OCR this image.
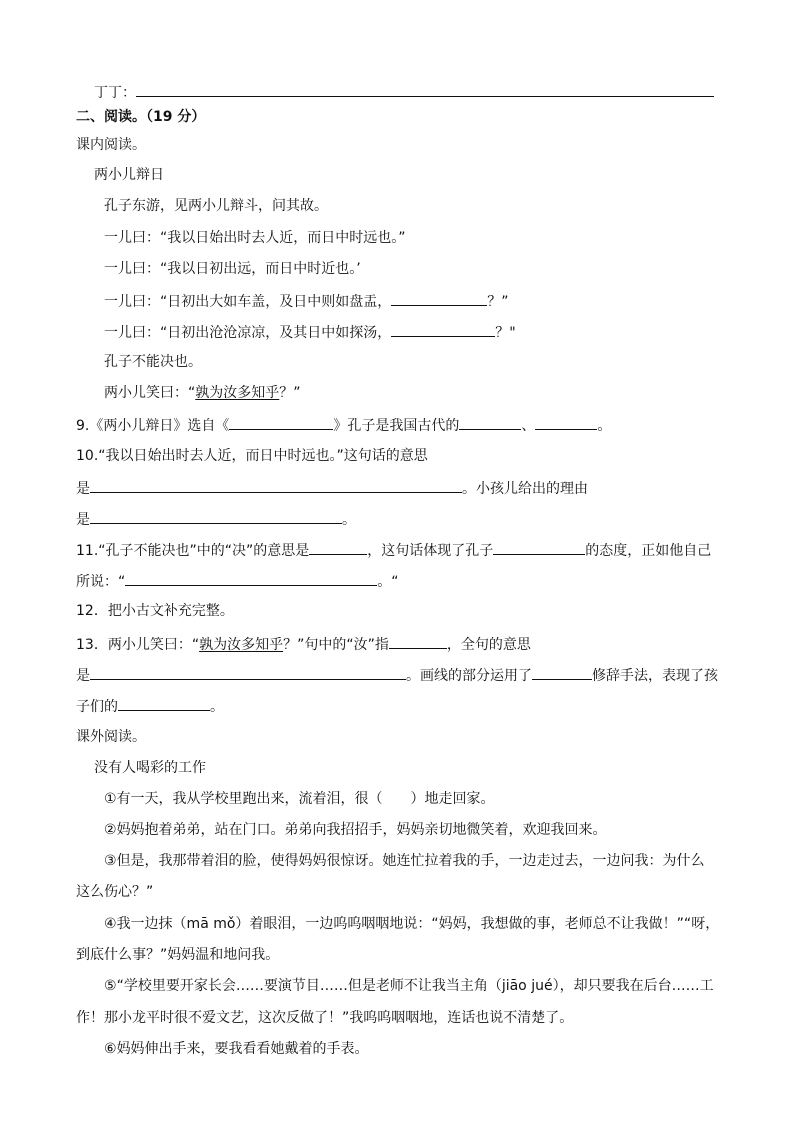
丁丁：
二、阅读。（19 分）
课内阅读。
两小儿辩日
孔子东游，见两小儿辩斗，问其故。
一儿曰：“我以日始出时去人近，而日中时远也。”
一儿曰：“我以日初出远，而日中时近也。’
一儿曰：“日初出大如车盖，及日中则如盘盂，	？”
一儿曰：“日初出沧沧凉凉，及其日中如探汤，	？"
孔子不能决也。
两小儿笑曰：“孰为汝多知乎？”
9.《两小儿辩日》选自《	》孔子是我国古代的	、	。
10.“我以日始出时去人近，而日中时远也。”这句话的意思
是	。小孩儿给出的理由
是	。
11.“孔子不能决也”中的“决”的意思是	，这句话体现了孔子	的态度，正如他自己
所说：“	。“
12．把小古文补充完整。
13．两小儿笑曰：“孰为汝多知乎？”句中的“汝”指	，全句的意思
是	。画线的部分运用了	修辞手法，表现了孩
子们的	。
课外阅读。
没有人喝彩的工作
①有一天，我从学校里跑出来，流着泪，很（　　）地走回家。
②妈妈抱着弟弟，站在门口。弟弟向我招招手，妈妈亲切地微笑着，欢迎我回来。
③但是，我那带着泪的脸，使得妈妈很惊讶。她连忙拉着我的手，一边走过去，一边问我：为什么
这么伤心？”
④我一边抹（mā mǒ）着眼泪，一边呜呜咽咽地说：“妈妈，我想做的事，老师总不让我做！”“呀，
到底什么事？”妈妈温和地问我。
⑤“学校里要开家长会……要演节目……但是老师不让我当主角（jiāo jué），却只要我在后台……工
作！那小龙平时很不爱文艺，这次反做了！”我呜呜咽咽地，连话也说不清楚了。
⑥妈妈伸出手来，要我看看她戴着的手表。
